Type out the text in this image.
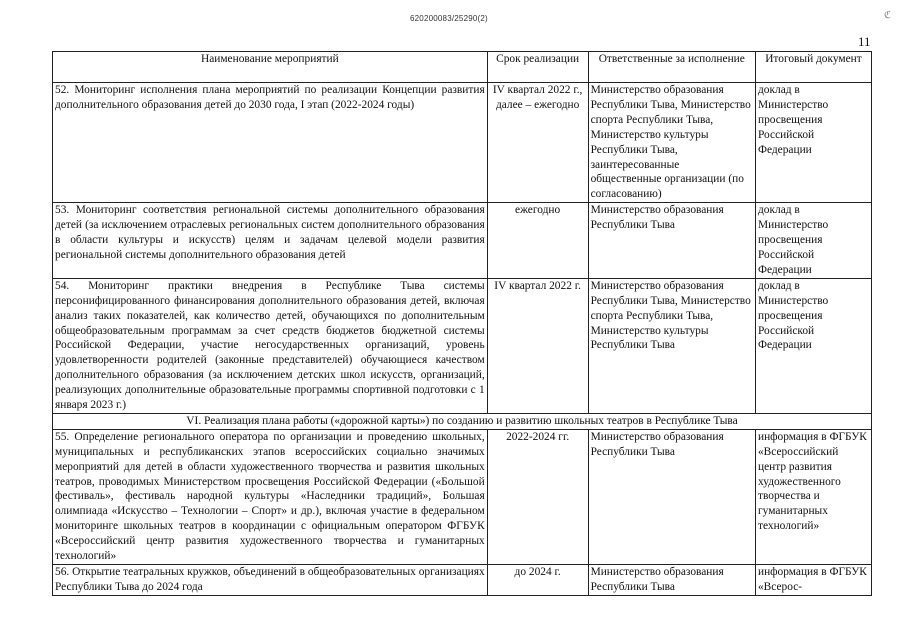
620200083/25290(2)	ℭ
11
Наименование мероприятий	Срок реализации	Ответственные за исполнение	Итоговый документ
52. Мониторинг исполнения плана мероприятий по реализации Концепции развития дополнительного образования детей до 2030 года, I этап (2022-2024 годы)	IV квартал 2022 г., далее – ежегодно	Министерство образования Республики Тыва, Министерство спорта Республики Тыва, Министерство культуры Республики Тыва, заинтересованные общественные организации (по согласованию)	доклад в Министерство просвещения Российской Федерации
53. Мониторинг соответствия региональной системы дополнительного образования детей (за исключением отраслевых региональных систем дополнительного образования в области культуры и искусств) целям и задачам целевой модели развития региональной системы дополнительного образования детей	ежегодно	Министерство образования Республики Тыва	доклад в Министерство просвещения Российской Федерации
54. Мониторинг практики внедрения в Республике Тыва системы персонифицированного финансирования дополнительного образования детей, включая анализ таких показателей, как количество детей, обучающихся по дополнительным общеобразовательным программам за счет средств бюджетов бюджетной системы Российской Федерации, участие негосударственных организаций, уровень удовлетворенности родителей (законные представителей) обучающиеся качеством дополнительного образования (за исключением детских школ искусств, организаций, реализующих дополнительные образовательные программы спортивной подготовки с 1 января 2023 г.)	IV квартал 2022 г.	Министерство образования Республики Тыва, Министерство спорта Республики Тыва, Министерство культуры Республики Тыва	доклад в Министерство просвещения Российской Федерации
VI. Реализация плана работы («дорожной карты») по созданию и развитию школьных театров в Республике Тыва			
55. Определение регионального оператора по организации и проведению школьных, муниципальных и республиканских этапов всероссийских социально значимых мероприятий для детей в области художественного творчества и развития школьных театров, проводимых Министерством просвещения Российской Федерации («Большой фестиваль», фестиваль народной культуры «Наследники традиций», Большая олимпиада «Искусство – Технологии – Спорт» и др.), включая участие в федеральном мониторинге школьных театров в координации с официальным оператором ФГБУК «Всероссийский центр развития художественного творчества и гуманитарных технологий»	2022-2024 гг.	Министерство образования Республики Тыва	информация в ФГБУК «Всероссийский центр развития художественного творчества и гуманитарных технологий»
56. Открытие театральных кружков, объединений в общеобразовательных организациях Республики Тыва до 2024 года	до 2024 г.	Министерство образования Республики Тыва	информация в ФГБУК «Всерос-
